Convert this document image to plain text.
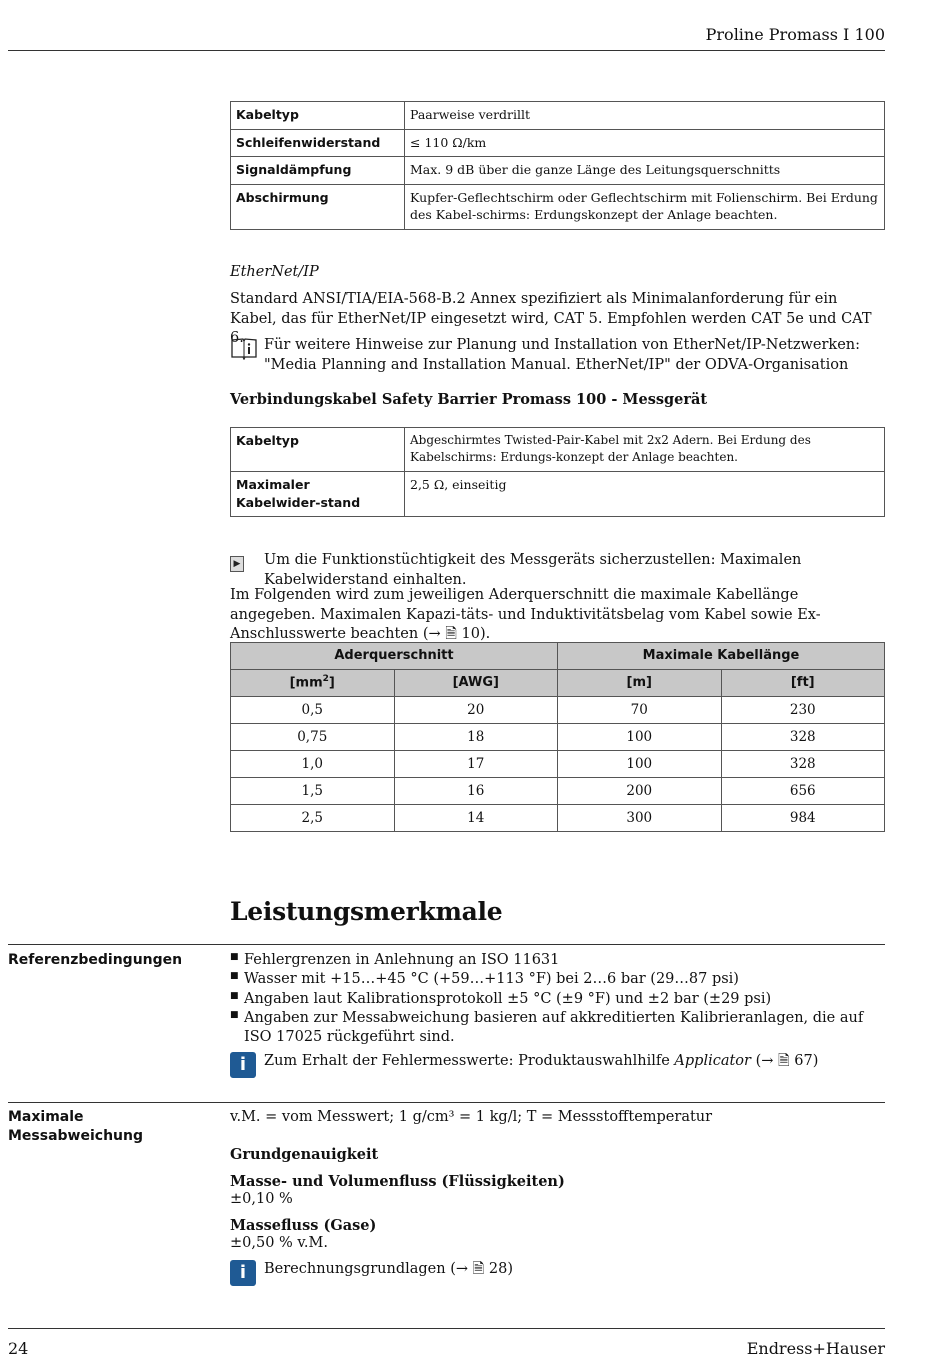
Proline Promass I 100
Kabeltyp	Paarweise verdrillt
Schleifenwiderstand	≤ 110 Ω/km
Signaldämpfung	Max. 9 dB über die ganze Länge des Leitungsquerschnitts
Abschirmung	Kupfer-Geflechtschirm oder Geflechtschirm mit Folienschirm. Bei Erdung des Kabel-schirms: Erdungskonzept der Anlage beachten.
EtherNet/IP
Standard ANSI/TIA/EIA-568-B.2 Annex spezifiziert als Minimalanforderung für ein Kabel, das für EtherNet/IP eingesetzt wird, CAT 5. Empfohlen werden CAT 5e und CAT 6.	Für weitere Hinweise zur Planung und Installation von EtherNet/IP-Netzwerken: "Media Planning and Installation Manual. EtherNet/IP" der ODVA-Organisation
Verbindungskabel Safety Barrier Promass 100 - Messgerät
Kabeltyp	Abgeschirmtes Twisted-Pair-Kabel mit 2x2 Adern. Bei Erdung des Kabelschirms: Erdungs-konzept der Anlage beachten.
Maximaler Kabelwider-stand	2,5 Ω, einseitig
▶	Um die Funktionstüchtigkeit des Messgeräts sicherzustellen: Maximalen Kabelwiderstand einhalten.
Im Folgenden wird zum jeweiligen Aderquerschnitt die maximale Kabellänge angegeben. Maximalen Kapazi-täts- und Induktivitätsbelag vom Kabel sowie Ex-Anschlusswerte beachten (→ 🗎 10).
Aderquerschnitt		Maximale Kabellänge	
$[mm^2]$	[AWG]	[m]	[ft]
0,5	20	70	230
0,75	18	100	328
1,0	17	100	328
1,5	16	200	656
2,5	14	300	984
Leistungsmerkmale
Referenzbedingungen	■ Fehlergrenzen in Anlehnung an ISO 11631
■ Wasser mit +15…+45 °C (+59…+113 °F) bei 2…6 bar (29…87 psi)
■ Angaben laut Kalibrationsprotokoll ±5 °C (±9 °F) und ±2 bar (±29 psi)
■ Angaben zur Messabweichung basieren auf akkreditierten Kalibrieranlagen, die auf ISO 17025 rückgeführt sind.
i	Zum Erhalt der Fehlermesswerte: Produktauswahlhilfe Applicator (→ 🗎 67)
Maximale Messabweichung
v.M. = vom Messwert; 1 g/cm³ = 1 kg/l; T = Messstofftemperatur
Grundgenauigkeit
Masse- und Volumenfluss (Flüssigkeiten)
±0,10 %
Massefluss (Gase)
±0,50 % v.M.
i	Berechnungsgrundlagen (→ 🗎 28)
24	Endress+Hauser
